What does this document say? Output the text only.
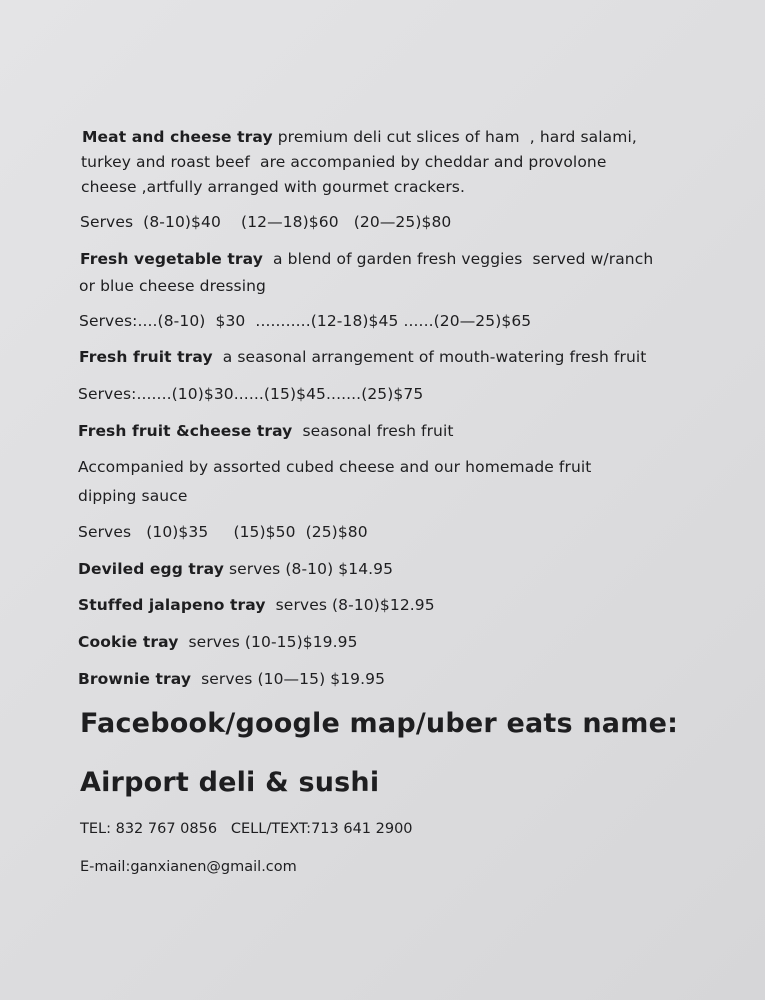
Meat and cheese tray premium deli cut slices of ham  , hard salami,
turkey and roast beef  are accompanied by cheddar and provolone
cheese ,artfully arranged with gourmet crackers.
Serves  (8-10)$40    (12—18)$60   (20—25)$80
Fresh vegetable tray  a blend of garden fresh veggies  served w/ranch
or blue cheese dressing
Serves:....(8-10)  $30  ...........(12-18)$45 ......(20—25)$65
Fresh fruit tray  a seasonal arrangement of mouth-watering fresh fruit
Serves:.......(10)$30......(15)$45.......(25)$75
Fresh fruit &cheese tray  seasonal fresh fruit
Accompanied by assorted cubed cheese and our homemade fruit
dipping sauce
Serves   (10)$35     (15)$50  (25)$80
Deviled egg tray serves (8-10) $14.95
Stuffed jalapeno tray  serves (8-10)$12.95
Cookie tray  serves (10-15)$19.95
Brownie tray  serves (10—15) $19.95
Facebook/google map/uber eats name:
Airport deli & sushi
TEL: 832 767 0856   CELL/TEXT:713 641 2900
E-mail:ganxianen@gmail.com
